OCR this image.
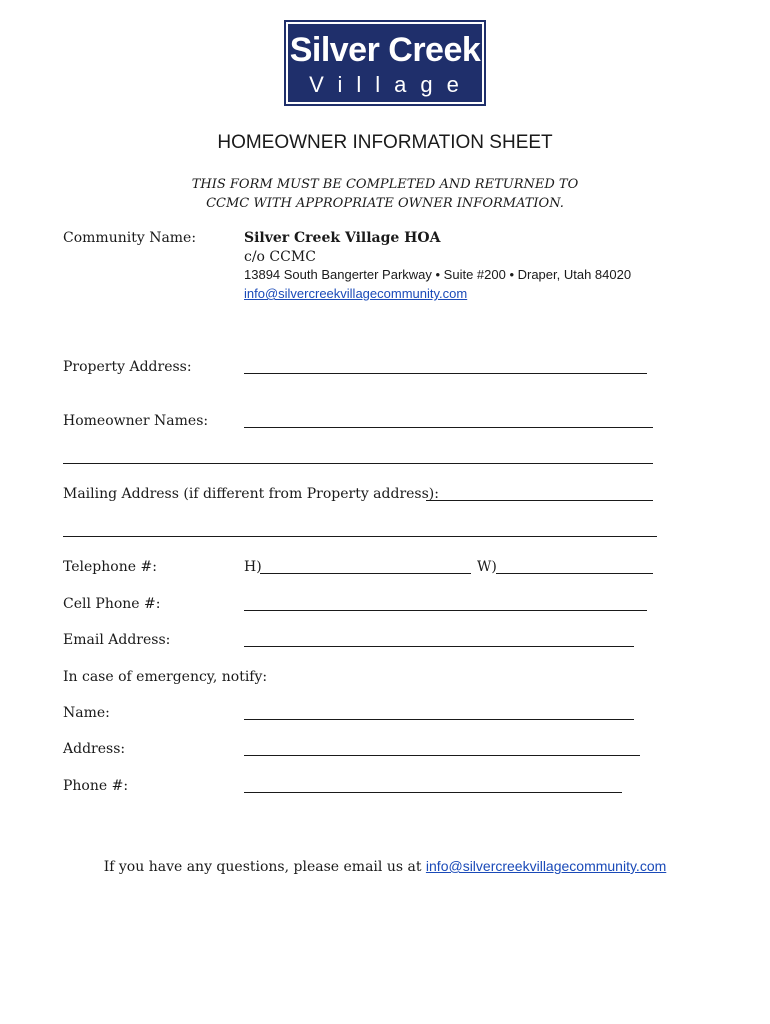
Silver Creek
Village
HOMEOWNER INFORMATION SHEET
THIS FORM MUST BE COMPLETED AND RETURNED TO
CCMC WITH APPROPRIATE OWNER INFORMATION.
Community Name:	Silver Creek Village HOA
c/o CCMC
13894 South Bangerter Parkway • Suite #200 • Draper, Utah 84020
info@silvercreekvillagecommunity.com
Property Address:
Homeowner Names:
Mailing Address (if different from Property address):
Telephone #:	H)	W)
Cell Phone #:
Email Address:
In case of emergency, notify:
Name:
Address:
Phone #:
If you have any questions, please email us at info@silvercreekvillagecommunity.com
